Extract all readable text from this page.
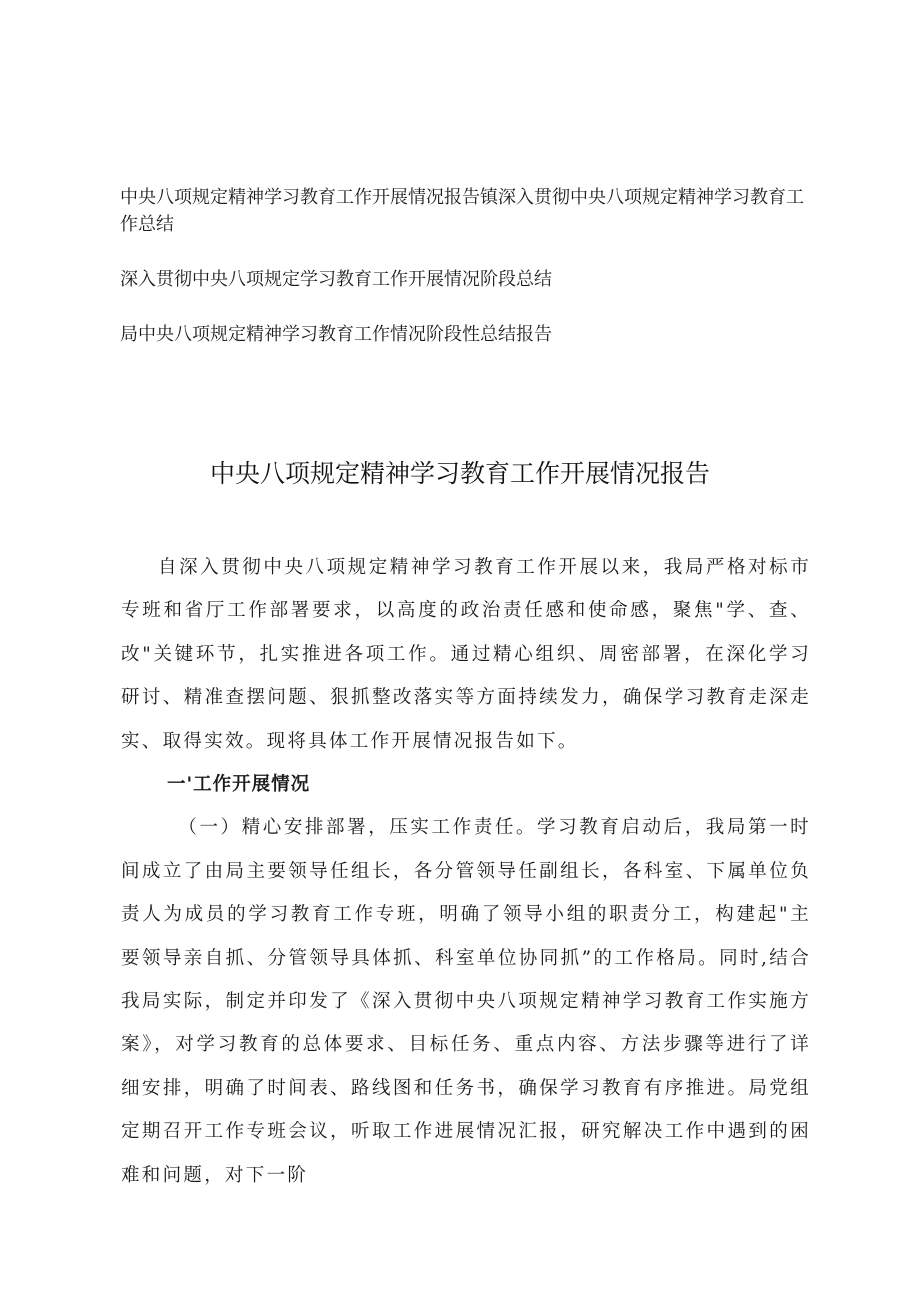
中央八项规定精神学习教育工作开展情况报告镇深入贯彻中央八项规定精神学习教育工作总结

深入贯彻中央八项规定学习教育工作开展情况阶段总结

局中央八项规定精神学习教育工作情况阶段性总结报告

中央八项规定精神学习教育工作开展情况报告

自深入贯彻中央八项规定精神学习教育工作开展以来，我局严格对标市专班和省厅工作部署要求，以高度的政治责任感和使命感，聚焦"学、查、改"关键环节，扎实推进各项工作。通过精心组织、周密部署，在深化学习研讨、精准查摆问题、狠抓整改落实等方面持续发力，确保学习教育走深走实、取得实效。现将具体工作开展情况报告如下。

一'工作开展情况

（一）精心安排部署，压实工作责任。学习教育启动后，我局第一时间成立了由局主要领导任组长，各分管领导任副组长，各科室、下属单位负责人为成员的学习教育工作专班，明确了领导小组的职责分工，构建起"主要领导亲自抓、分管领导具体抓、科室单位协同抓”的工作格局。同时,结合我局实际，制定并印发了《深入贯彻中央八项规定精神学习教育工作实施方案》，对学习教育的总体要求、目标任务、重点内容、方法步骤等进行了详细安排，明确了时间表、路线图和任务书，确保学习教育有序推进。局党组定期召开工作专班会议，听取工作进展情况汇报，研究解决工作中遇到的困难和问题，对下一阶
